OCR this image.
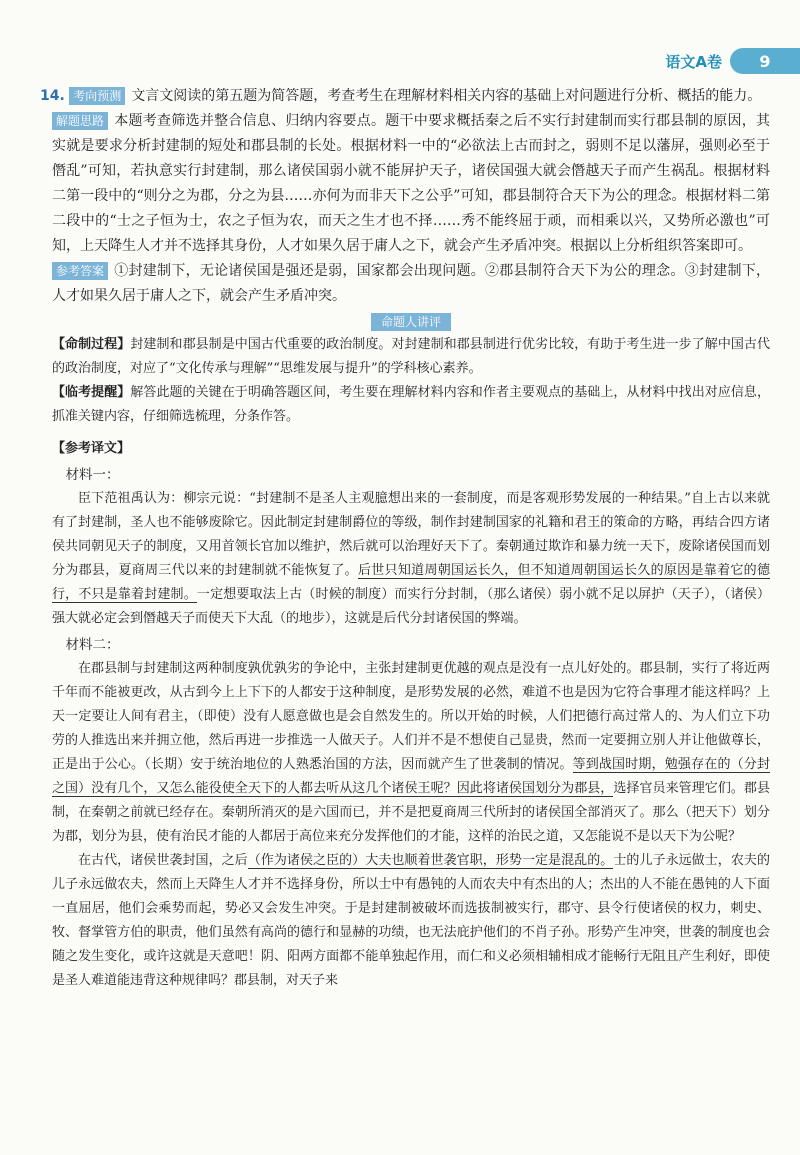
语文A卷	9

14. 考向预测 文言文阅读的第五题为简答题，考查考生在理解材料相关内容的基础上对问题进行分析、概括的能力。

解题思路 本题考查筛选并整合信息、归纳内容要点。题干中要求概括秦之后不实行封建制而实行郡县制的原因，其实就是要求分析封建制的短处和郡县制的长处。根据材料一中的“必欲法上古而封之，弱则不足以藩屏，强则必至于僭乱”可知，若执意实行封建制，那么诸侯国弱小就不能屏护天子，诸侯国强大就会僭越天子而产生祸乱。根据材料二第一段中的“则分之为郡，分之为县……亦何为而非天下之公乎”可知，郡县制符合天下为公的理念。根据材料二第二段中的“士之子恒为士，农之子恒为农，而天之生才也不择……秀不能终屈于顽，而相乘以兴，又势所必激也”可知，上天降生人才并不选择其身份，人才如果久居于庸人之下，就会产生矛盾冲突。根据以上分析组织答案即可。

参考答案 ①封建制下，无论诸侯国是强还是弱，国家都会出现问题。②郡县制符合天下为公的理念。③封建制下，人才如果久居于庸人之下，就会产生矛盾冲突。

命题人讲评

【命制过程】封建制和郡县制是中国古代重要的政治制度。对封建制和郡县制进行优劣比较，有助于考生进一步了解中国古代的政治制度，对应了“文化传承与理解”“思维发展与提升”的学科核心素养。

【临考提醒】解答此题的关键在于明确答题区间，考生要在理解材料内容和作者主要观点的基础上，从材料中找出对应信息，抓准关键内容，仔细筛选梳理，分条作答。

【参考译文】

材料一：

臣下范祖禹认为：柳宗元说：“封建制不是圣人主观臆想出来的一套制度，而是客观形势发展的一种结果。”自上古以来就有了封建制，圣人也不能够废除它。因此制定封建制爵位的等级，制作封建制国家的礼籍和君王的策命的方略，再结合四方诸侯共同朝见天子的制度，又用首领长官加以维护，然后就可以治理好天下了。秦朝通过欺诈和暴力统一天下，废除诸侯国而划分为郡县，夏商周三代以来的封建制就不能恢复了。后世只知道周朝国运长久，但不知道周朝国运长久的原因是靠着它的德行，不只是靠着封建制。一定想要取法上古（时候的制度）而实行分封制，（那么诸侯）弱小就不足以屏护（天子），（诸侯）强大就必定会到僭越天子而使天下大乱（的地步），这就是后代分封诸侯国的弊端。

材料二：

在郡县制与封建制这两种制度孰优孰劣的争论中，主张封建制更优越的观点是没有一点儿好处的。郡县制，实行了将近两千年而不能被更改，从古到今上上下下的人都安于这种制度，是形势发展的必然，难道不也是因为它符合事理才能这样吗？上天一定要让人间有君主，（即使）没有人愿意做也是会自然发生的。所以开始的时候，人们把德行高过常人的、为人们立下功劳的人推选出来并拥立他，然后再进一步推选一人做天子。人们并不是不想使自己显贵，然而一定要拥立别人并让他做尊长，正是出于公心。（长期）安于统治地位的人熟悉治国的方法，因而就产生了世袭制的情况。等到战国时期，勉强存在的（分封之国）没有几个，又怎么能役使全天下的人都去听从这几个诸侯王呢？因此将诸侯国划分为郡县，选择官员来管理它们。郡县制，在秦朝之前就已经存在。秦朝所消灭的是六国而已，并不是把夏商周三代所封的诸侯国全部消灭了。那么（把天下）划分为郡，划分为县，使有治民才能的人都居于高位来充分发挥他们的才能，这样的治民之道，又怎能说不是以天下为公呢？

在古代，诸侯世袭封国，之后（作为诸侯之臣的）大夫也顺着世袭官职，形势一定是混乱的。士的儿子永远做士，农夫的儿子永远做农夫，然而上天降生人才并不选择身份，所以士中有愚钝的人而农夫中有杰出的人；杰出的人不能在愚钝的人下面一直屈居，他们会乘势而起，势必又会发生冲突。于是封建制被破坏而选拔制被实行，郡守、县令行使诸侯的权力，刺史、牧、督掌管方伯的职责，他们虽然有高尚的德行和显赫的功绩，也无法庇护他们的不肖子孙。形势产生冲突，世袭的制度也会随之发生变化，或许这就是天意吧！阴、阳两方面都不能单独起作用，而仁和义必须相辅相成才能畅行无阻且产生利好，即使是圣人难道能违背这种规律吗？郡县制，对天子来
